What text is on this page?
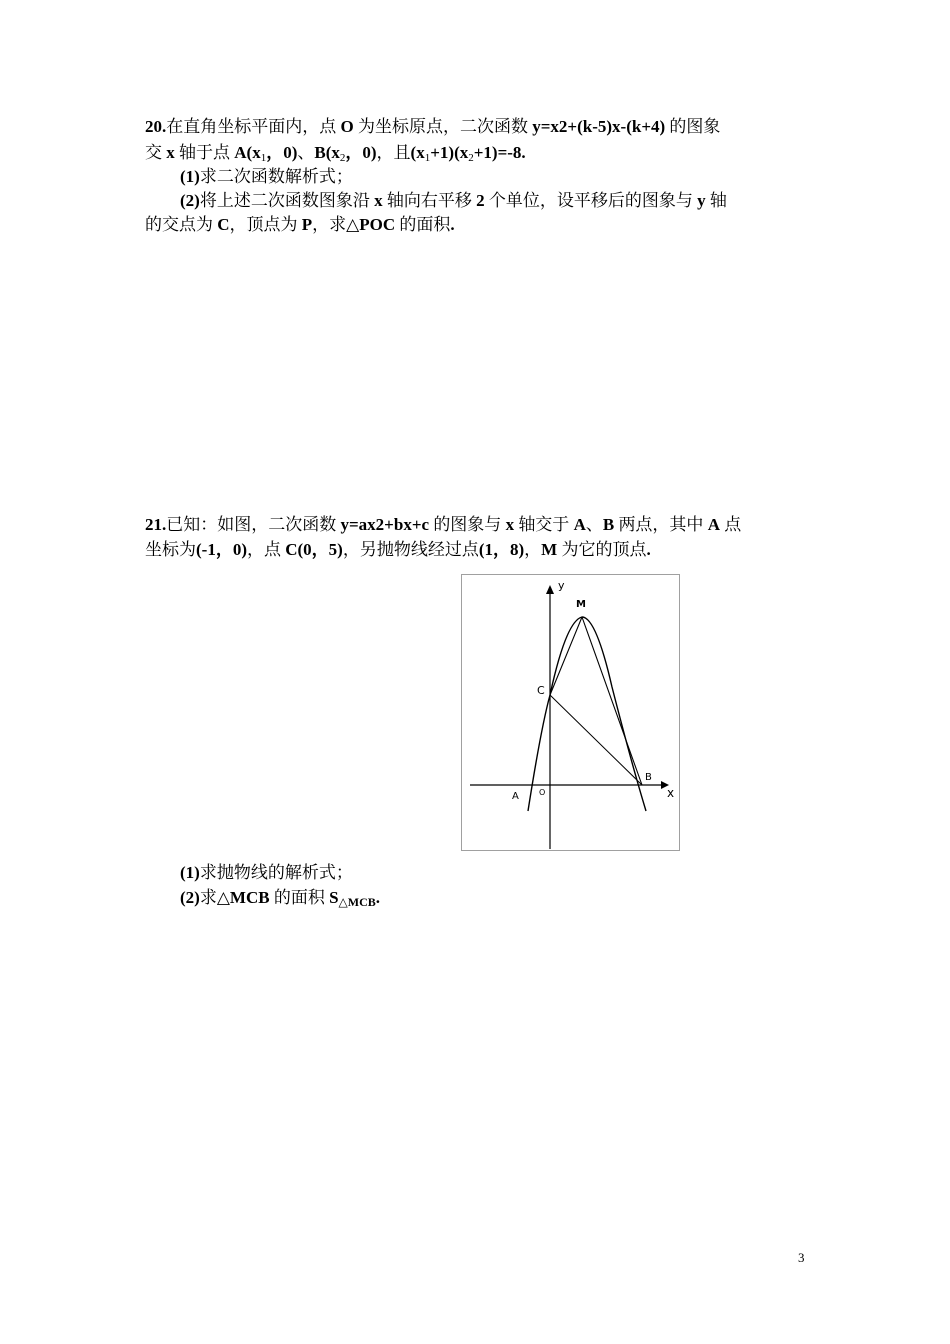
20.在直角坐标平面内，点 O 为坐标原点，二次函数 y=x2+(k-5)x-(k+4) 的图象
交 x 轴于点 $A(x_1$，0)、$B(x_2$，0)，且$(x_1+1)(x_2+1)=-8$.
(1)求二次函数解析式；
(2)将上述二次函数图象沿 x 轴向右平移 2 个单位，设平移后的图象与 y 轴
的交点为 C，顶点为 P，求△POC 的面积.
21.已知：如图，二次函数 y=ax2+bx+c 的图象与 x 轴交于 A、B 两点，其中 A 点
坐标为(-1，0)，点 C(0，5)，另抛物线经过点(1，8)，M 为它的顶点.
y
x
M
C
B
A	O
(1)求抛物线的解析式；
(2)求△MCB 的面积 $S_{\triangle MCB}$.
3
